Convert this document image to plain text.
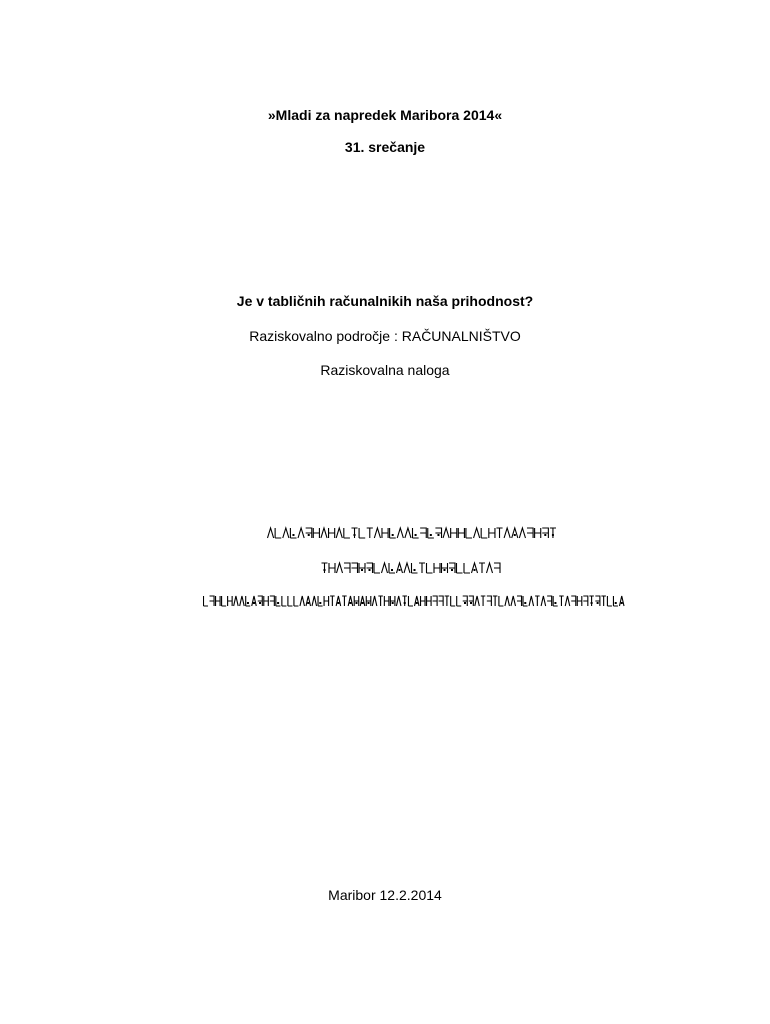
»Mladi za napredek Maribora 2014«
31. srečanje
Je v tabličnih računalnikih naša prihodnost?
Raziskovalno področje : RAČUNALNIŠTVO
Raziskovalna naloga
Maribor 12.2.2014
